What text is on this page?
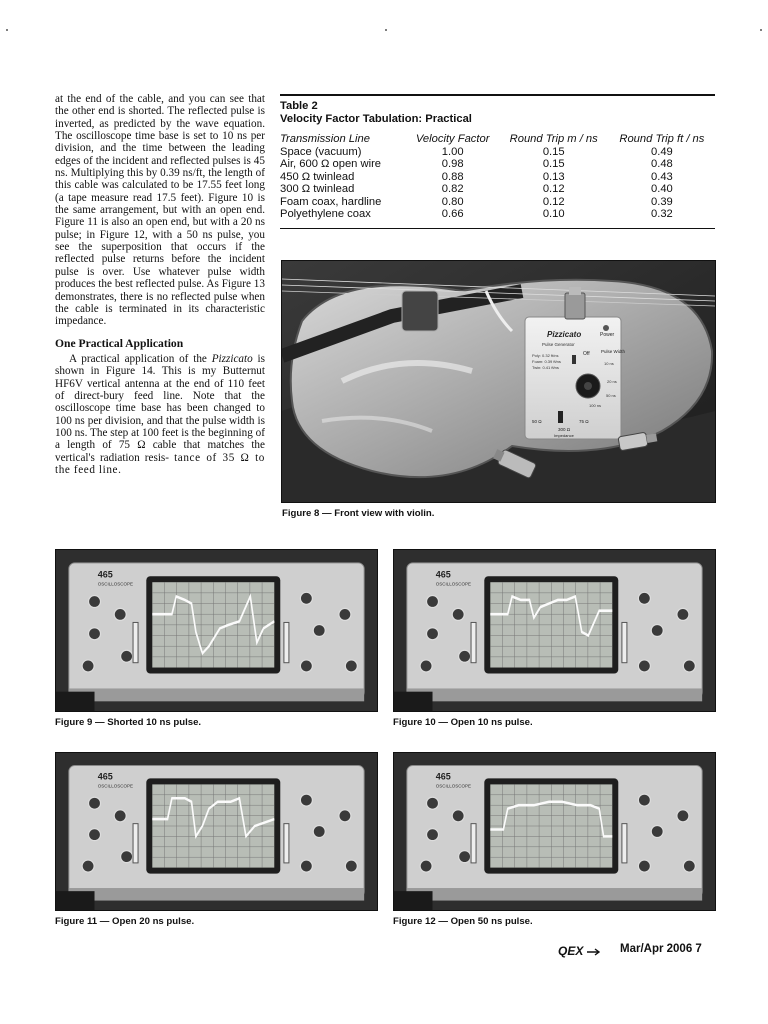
at the end of the cable, and you can see that the other end is shorted. The reflected pulse is inverted, as predicted by the wave equation. The oscilloscope time base is set to 10 ns per division, and the time between the leading edges of the incident and reflected pulses is 45 ns. Multiplying this by 0.39 ns/ft, the length of this cable was calculated to be 17.55 feet long (a tape measure read 17.5 feet). Figure 10 is the same arrangement, but with an open end. Figure 11 is also an open end, but with a 20 ns pulse; in Figure 12, with a 50 ns pulse, you see the superposition that occurs if the reflected pulse returns before the incident pulse is over. Use whatever pulse width produces the best reflected pulse. As Figure 13 demonstrates, there is no reflected pulse when the cable is terminated in its characteristic impedance.

One Practical Application

A practical application of the Pizzicato is shown in Figure 14. This is my Butternut HF6V vertical antenna at the end of 110 feet of direct-bury feed line. Note that the oscilloscope time base has been changed to 100 ns per division, and that the pulse width is 100 ns. The step at 100 feet is the beginning of a length of 75 Ω cable that matches the vertical's radiation resis- tance of 35 Ω to the feed line.

Table 2
Velocity Factor Tabulation: Practical
Transmission Line	Velocity Factor	Round Trip m / ns	Round Trip ft / ns
Space (vacuum)	1.00	0.15	0.49
Air, 600 Ω open wire	0.98	0.15	0.48
450 Ω twinlead	0.88	0.13	0.43
300 Ω twinlead	0.82	0.12	0.40
Foam coax, hardline	0.80	0.12	0.39
Polyethylene coax	0.66	0.10	0.32
Pizzicato
Pulse Generator
Power
Off	Pulse Width
Poly: 0.32 ft/ns
Foam: 0.39 ft/ns
Twin: 0.41 ft/ns
10 ns
20 ns
50 ns
100 ns
50 Ω	75 Ω
300 Ω
Impedance

Figure 8 — Front view with violin.

465
OSCILLOSCOPE

Figure 9 — Shorted 10 ns pulse.

465
OSCILLOSCOPE

Figure 10 — Open 10 ns pulse.

465
OSCILLOSCOPE

Figure 11 — Open 20 ns pulse.

465
OSCILLOSCOPE

Figure 12 — Open 50 ns pulse.

QEX	Mar/Apr 2006 7
